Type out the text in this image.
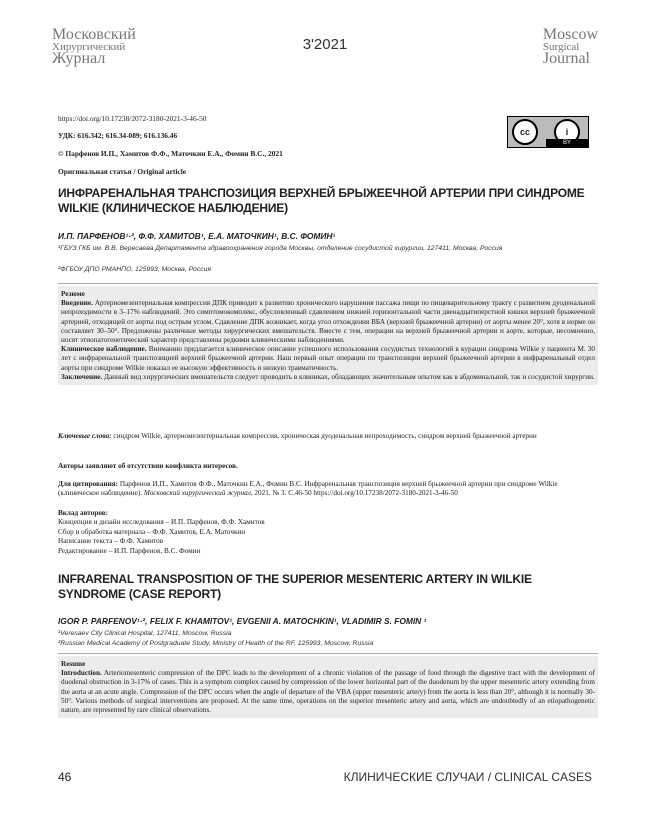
Московский
Хирургический
Журнал
3'2021
Moscow
Surgical
Journal
https://doi.org/10.17238/2072-3180-2021-3-46-50
УДК: 616.342; 616.34-089; 616.136.46
© Парфенов И.П., Хамитов Ф.Ф., Маточкин Е.А., Фомин В.С., 2021
Оригинальная статья / Original article
cc	i
BY
ИНФРАРЕНАЛЬНАЯ ТРАНСПОЗИЦИЯ ВЕРХНЕЙ БРЫЖЕЕЧНОЙ АРТЕРИИ ПРИ СИНДРОМЕ WILKIE (КЛИНИЧЕСКОЕ НАБЛЮДЕНИЕ)
И.П. ПАРФЕНОВ¹·², Ф.Ф. ХАМИТОВ¹, Е.А. МАТОЧКИН¹, В.С. ФОМИН¹
¹ГБУЗ ГКБ им. В.В. Вересаева Департамента здравоохранения города Москвы, отделение сосудистой хирургии, 127411, Москва, Россия
²ФГБОУ ДПО РМАНПО, 125993, Москва, Россия

Резюме

Введение. Артериомезентериальная компрессия ДПК приводит к развитию хронического нарушения пассажа пищи по пищеварительному тракту с развитием дуоденальной непроходимости в 3–17% наблюдений. Это симптомокомплекс, обусловленный сдавлением нижней горизонтальной части двенадцатиперстной кишки верхней брыжеечной артерией, отходящей от аорты под острым углом. Сдавление ДПК возникает, когда угол отхождения ВБА (верхней брыжеечной артерии) от аорты менее 20°, хотя в норме он составляет 30–50°. Предложены различные методы хирургических вмешательств. Вместе с тем, операции на верхней брыжеечной артерии и аорте, которые, несомненно, носят этиопатогенетический характер представлены редкими клиническими наблюдениями.

Клиническое наблюдение. Вниманию предлагается клиническое описание успешного использования сосудистых технологий в курации синдрома Wilkie у пациента М. 30 лет с инфраренальной транспозицией верхней брыжеечной артерии. Наш первый опыт операции по транспозиции верхней брыжеечной артерии в инфраренальный отдел аорты при синдроме Wilkie показал ее высокую эффективность и низкую травматичность.

Заключение. Данный вид хирургических вмешательств следует проводить в клиниках, обладающих значительным опытом как в абдоминальной, так и сосудистой хирургии.

Ключевые слова: синдром Wilkie, артериомезентериальная компрессия, хроническая дуоденальная непроходимость, синдром верхней брыжеечной артерии

Авторы заявляют об отсутствии конфликта интересов.

Для цитирования: Парфенов И.П., Хамитов Ф.Ф., Маточкин Е.А., Фомин В.С. Инфраренальная транспозиция верхней брыжеечной артерии при синдроме Wilkie (клиническое наблюдение). Московский хирургический журнал, 2021. № 3. С.46-50 https://doi.org/10.17238/2072-3180-2021-3-46-50

Вклад авторов:

Концепция и дизайн исследования – И.П. Парфенов, Ф.Ф. Хамитов

Сбор и обработка материала – Ф.Ф. Хамитов, Е.А. Маточкин

Написание текста – Ф.Ф. Хамитов

Редактирование – И.П. Парфенов, В.С. Фомин

INFRARENAL TRANSPOSITION OF THE SUPERIOR MESENTERIC ARTERY IN WILKIE SYNDROME (CASE REPORT)
IGOR P. PARFENOV¹·², FELIX F. KHAMITOV¹, EVGENII A. MATOCHKIN¹, VLADIMIR S. FOMIN ¹
¹Veresaev City Clinical Hospital, 127411, Moscow, Russia
²Russian Medical Academy of Postgraduate Study, Ministry of Health of the RF, 125993, Moscow, Russia

Resume

Introduction. Arteriomesenteric compression of the DPC leads to the development of a chronic violation of the passage of food through the digestive tract with the development of duodenal obstruction in 3-17% of cases. This is a symptom complex caused by compression of the lower horizontal part of the duodenum by the upper mesenteric artery extending from the aorta at an acute angle. Compression of the DPC occurs when the angle of departure of the VBA (upper mesenteric artery) from the aorta is less than 20°, although it is normally 30-50°. Various methods of surgical interventions are proposed. At the same time, operations on the superior mesenteric artery and aorta, which are undoubtedly of an etiopathogenetic nature, are represented by rare clinical observations.

46	КЛИНИЧЕСКИЕ СЛУЧАИ / CLINICAL CASES
